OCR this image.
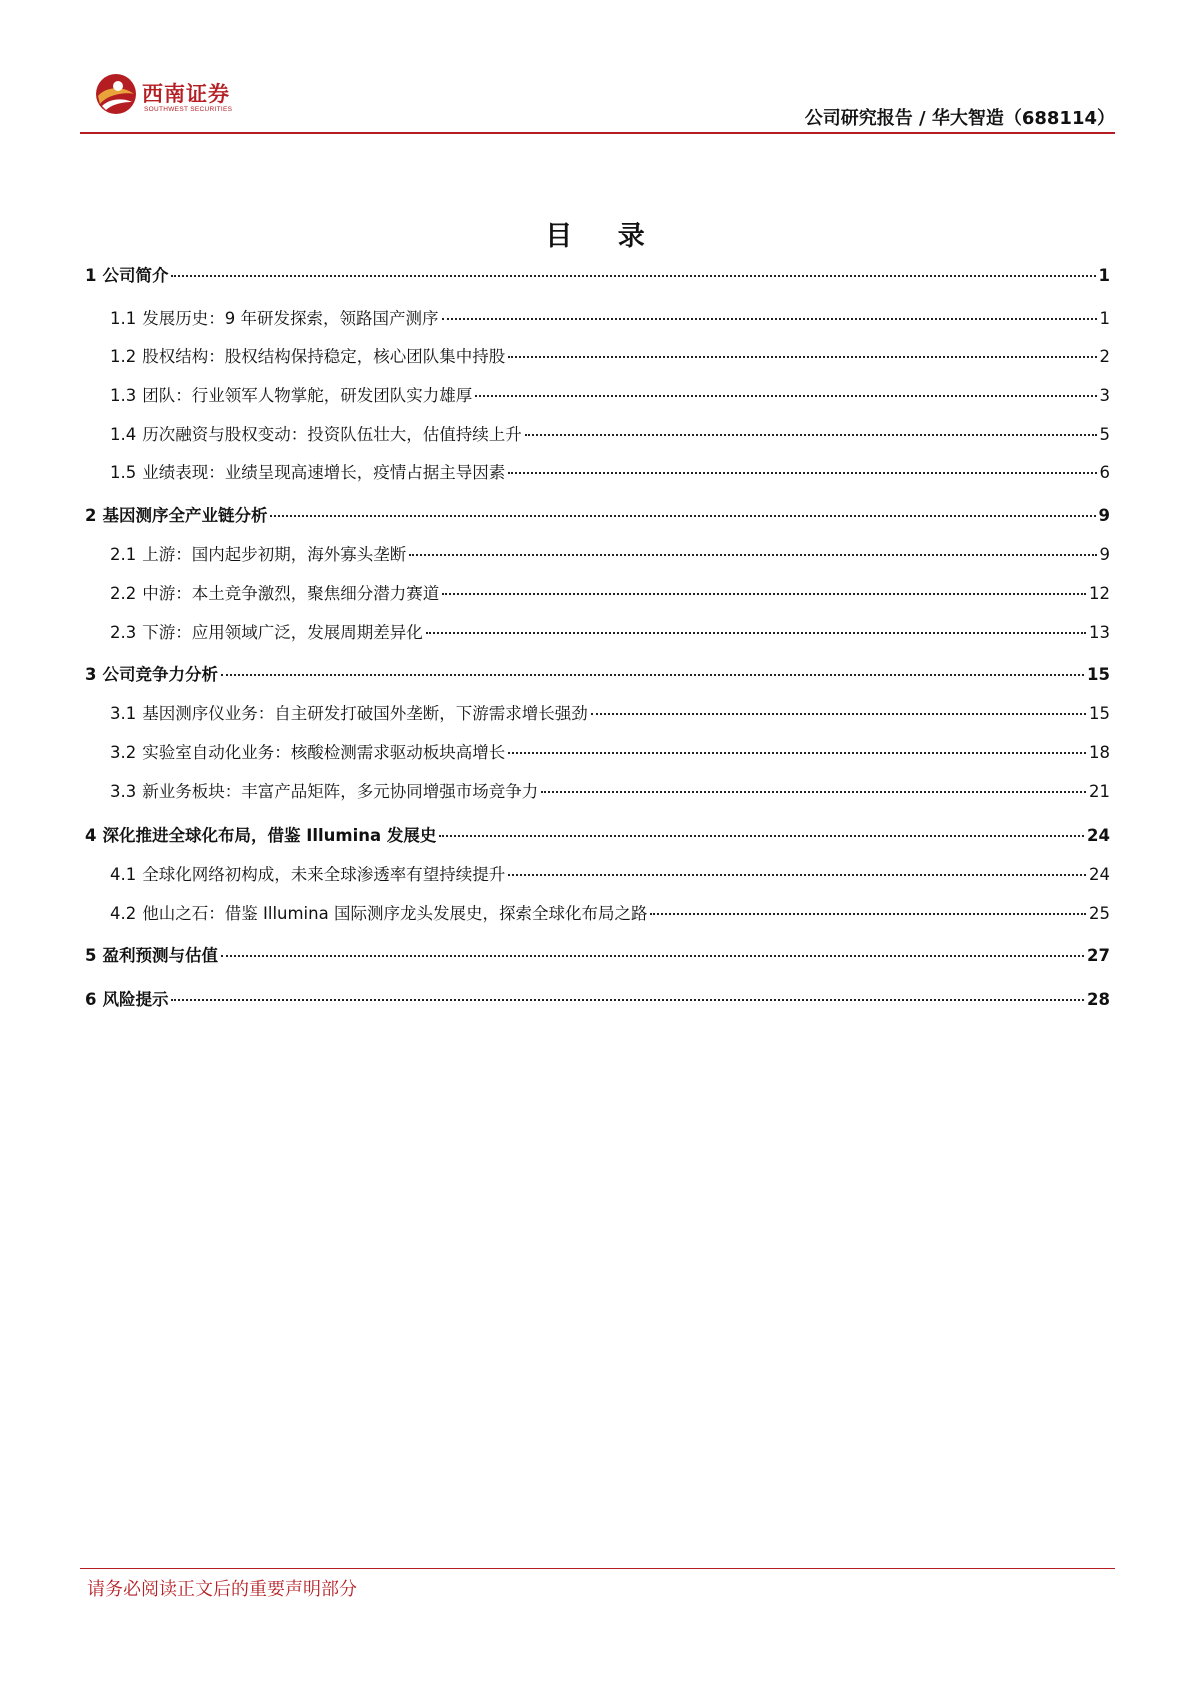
西南证券
SOUTHWEST SECURITIES	公司研究报告 / 华大智造（688114）
目 录
1 公司简介	1
1.1 发展历史：9 年研发探索，领路国产测序	1
1.2 股权结构：股权结构保持稳定，核心团队集中持股	2
1.3 团队：行业领军人物掌舵，研发团队实力雄厚	3
1.4 历次融资与股权变动：投资队伍壮大，估值持续上升	5
1.5 业绩表现：业绩呈现高速增长，疫情占据主导因素	6
2 基因测序全产业链分析	9
2.1 上游：国内起步初期，海外寡头垄断	9
2.2 中游：本土竞争激烈，聚焦细分潜力赛道	12
2.3 下游：应用领域广泛，发展周期差异化	13
3 公司竞争力分析	15
3.1 基因测序仪业务：自主研发打破国外垄断，下游需求增长强劲	15
3.2 实验室自动化业务：核酸检测需求驱动板块高增长	18
3.3 新业务板块：丰富产品矩阵，多元协同增强市场竞争力	21
4 深化推进全球化布局，借鉴 Illumina 发展史	24
4.1 全球化网络初构成，未来全球渗透率有望持续提升	24
4.2 他山之石：借鉴 Illumina 国际测序龙头发展史，探索全球化布局之路	25
5 盈利预测与估值	27
6 风险提示	28
请务必阅读正文后的重要声明部分
